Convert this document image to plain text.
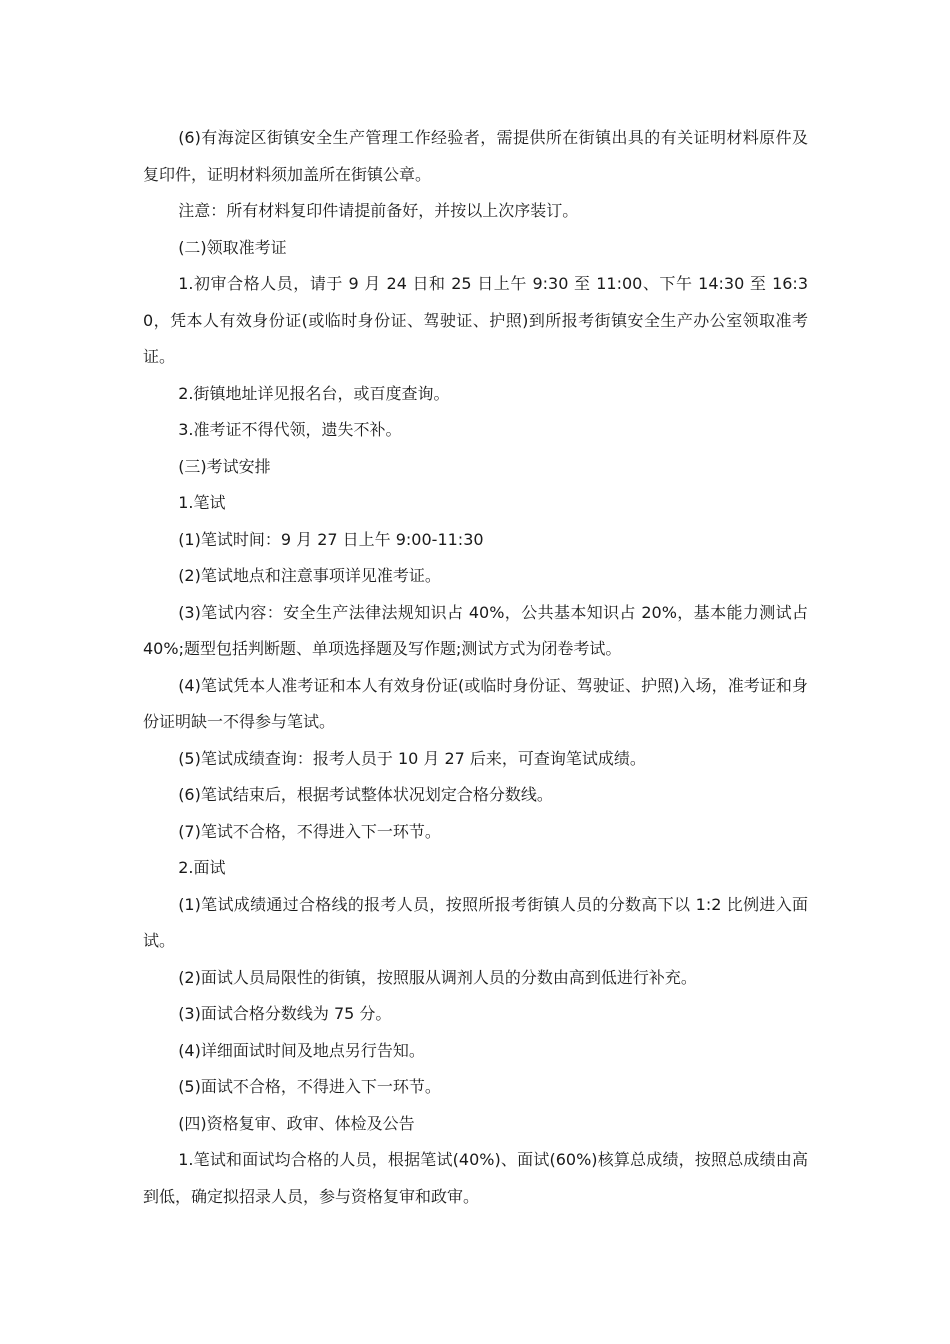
(6)有海淀区街镇安全生产管理工作经验者，需提供所在街镇出具的有关证明材料原件及复印件，证明材料须加盖所在街镇公章。

注意：所有材料复印件请提前备好，并按以上次序装订。

(二)领取准考证

1.初审合格人员，请于 9 月 24 日和 25 日上午 9:30 至 11:00、下午 14:30 至 16:30，凭本人有效身份证(或临时身份证、驾驶证、护照)到所报考街镇安全生产办公室领取准考证。

2.街镇地址详见报名台，或百度查询。

3.准考证不得代领，遗失不补。

(三)考试安排

1.笔试

(1)笔试时间：9 月 27 日上午 9:00-11:30

(2)笔试地点和注意事项详见准考证。

(3)笔试内容：安全生产法律法规知识占 40%，公共基本知识占 20%，基本能力测试占 40%;题型包括判断题、单项选择题及写作题;测试方式为闭卷考试。

(4)笔试凭本人准考证和本人有效身份证(或临时身份证、驾驶证、护照)入场，准考证和身份证明缺一不得参与笔试。

(5)笔试成绩查询：报考人员于 10 月 27 后来，可查询笔试成绩。

(6)笔试结束后，根据考试整体状况划定合格分数线。

(7)笔试不合格，不得进入下一环节。

2.面试

(1)笔试成绩通过合格线的报考人员，按照所报考街镇人员的分数高下以 1:2 比例进入面试。

(2)面试人员局限性的街镇，按照服从调剂人员的分数由高到低进行补充。

(3)面试合格分数线为 75 分。

(4)详细面试时间及地点另行告知。

(5)面试不合格，不得进入下一环节。

(四)资格复审、政审、体检及公告

1.笔试和面试均合格的人员，根据笔试(40%)、面试(60%)核算总成绩，按照总成绩由高到低，确定拟招录人员，参与资格复审和政审。
